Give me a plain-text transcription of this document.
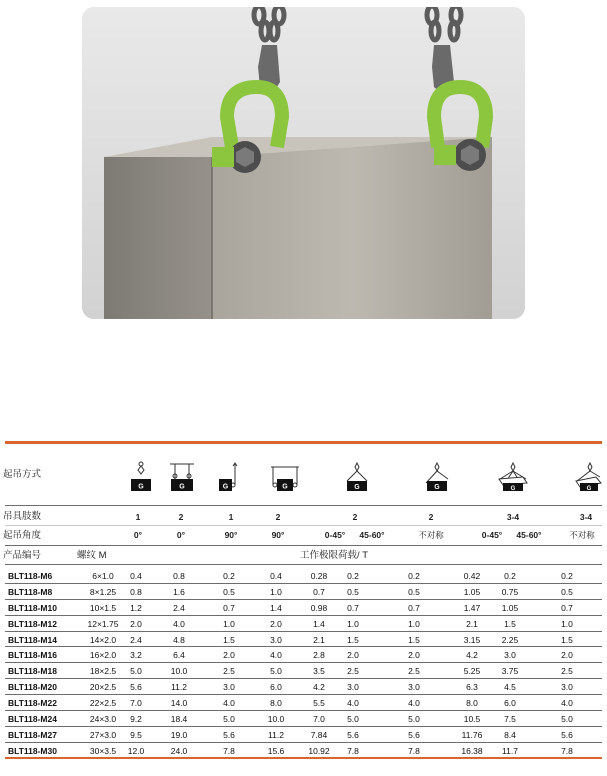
起吊方式
G	G	G	G	G	G	G	G
吊具肢数	1	2	1	2	2	2	3-4	3-4
起吊角度	0°	0°	90°	90°	0-45°	45-60°	不对称	0-45°	45-60°	不对称
产品编号	螺纹 M	工作极限荷载/ T
BLT118-M6	6×1.0	0.4	0.8	0.2	0.4	0.28	0.2	0.2	0.42	0.2	0.2
BLT118-M8	8×1.25	0.8	1.6	0.5	1.0	0.7	0.5	0.5	1.05	0.75	0.5
BLT118-M10	10×1.5	1.2	2.4	0.7	1.4	0.98	0.7	0.7	1.47	1.05	0.7
BLT118-M12	12×1.75	2.0	4.0	1.0	2.0	1.4	1.0	1.0	2.1	1.5	1.0
BLT118-M14	14×2.0	2.4	4.8	1.5	3.0	2.1	1.5	1.5	3.15	2.25	1.5
BLT118-M16	16×2.0	3.2	6.4	2.0	4.0	2.8	2.0	2.0	4.2	3.0	2.0
BLT118-M18	18×2.5	5.0	10.0	2.5	5.0	3.5	2.5	2.5	5.25	3.75	2.5
BLT118-M20	20×2.5	5.6	11.2	3.0	6.0	4.2	3.0	3.0	6.3	4.5	3.0
BLT118-M22	22×2.5	7.0	14.0	4.0	8.0	5.5	4.0	4.0	8.0	6.0	4.0
BLT118-M24	24×3.0	9.2	18.4	5.0	10.0	7.0	5.0	5.0	10.5	7.5	5.0
BLT118-M27	27×3.0	9.5	19.0	5.6	11.2	7.84	5.6	5.6	11.76	8.4	5.6
BLT118-M30	30×3.5	12.0	24.0	7.8	15.6	10.92	7.8	7.8	16.38	11.7	7.8
